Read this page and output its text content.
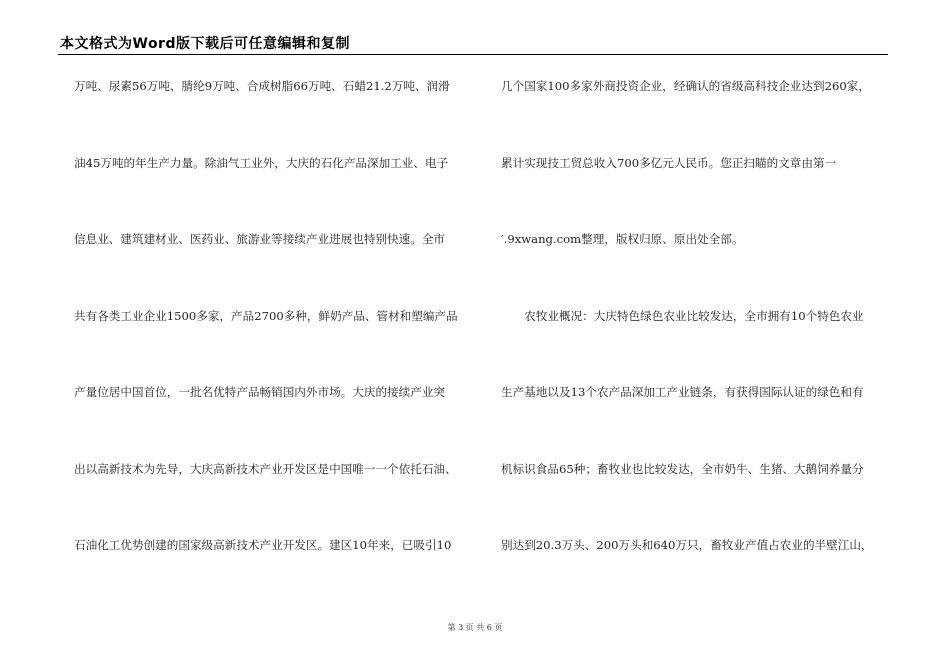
本文格式为Word版下载后可任意编辑和复制
万吨、尿素56万吨、腈纶9万吨、合成树脂66万吨、石蜡21.2万吨、润滑
油45万吨的年生产力量。除油气工业外，大庆的石化产品深加工业、电子
信息业、建筑建材业、医药业、旅游业等接续产业进展也特别快速。全市
共有各类工业企业1500多家，产品2700多种，鲜奶产品、管材和塑编产品
产量位居中国首位，一批名优特产品畅销国内外市场。大庆的接续产业突
出以高新技术为先导，大庆高新技术产业开发区是中国唯一一个依托石油、
石油化工优势创建的国家级高新技术产业开发区。建区10年来，已吸引10
几个国家100多家外商投资企业，经确认的省级高科技企业达到260家，
累计实现技工贸总收入700多亿元人民币。您正扫瞄的文章由第一
′.9xwang.com整理，版权归原、原出处全部。
　　农牧业概况：大庆特色绿色农业比较发达，全市拥有10个特色农业
生产基地以及13个农产品深加工产业链条，有获得国际认证的绿色和有
机标识食品65种；畜牧业也比较发达，全市奶牛、生猪、大鹅饲养量分
别达到20.3万头、200万头和640万只，畜牧业产值占农业的半壁江山，
第 3 页 共 6 页
